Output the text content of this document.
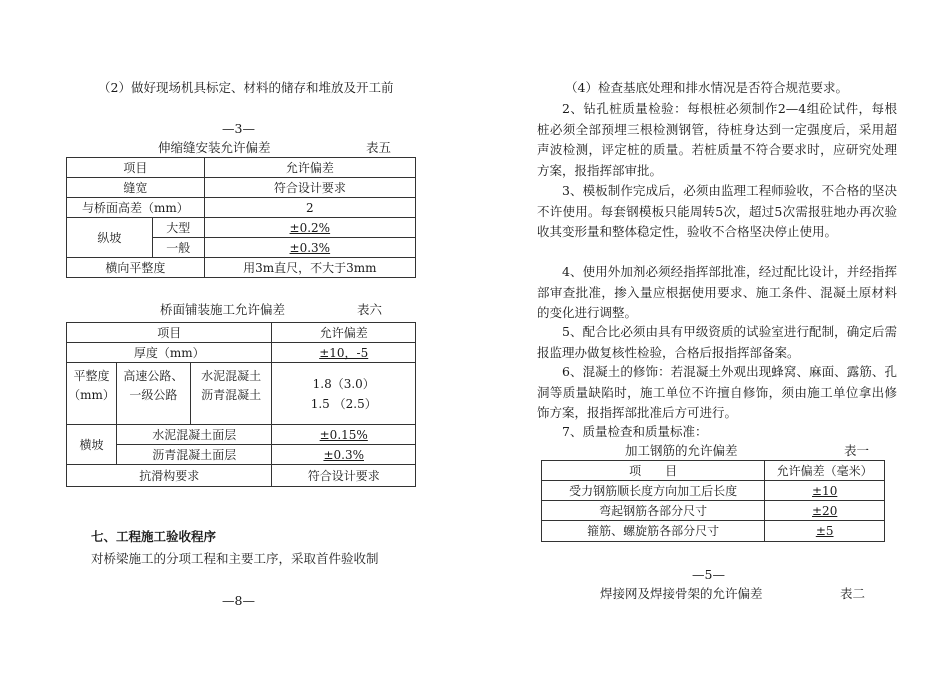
（2）做好现场机具标定、材料的储存和堆放及开工前
—3—
伸缩缝安装允许偏差	表五
项目		允许偏差
缝宽		符合设计要求
与桥面高差（mm）		2
纵坡	大型	±0.2%
	一般	±0.3%
横向平整度		用3m直尺，不大于3mm
桥面铺装施工允许偏差	表六
项目			允许偏差
厚度（mm）			±10，-5
平整度（mm）	高速公路、一级公路	水泥混凝土 沥青混凝土	1.8（3.0）
1.5 （2.5）

横坡	水泥混凝土面层		±0.15%
	沥青混凝土面层		±0.3%
抗滑构要求			符合设计要求
七、工程施工验收程序
对桥梁施工的分项工程和主要工序，采取首件验收制
—8—
（4）检查基底处理和排水情况是否符合规范要求。
2、钻孔桩质量检验：每根桩必须制作2—4组砼试件，每根桩必须全部预埋三根检测钢管，待桩身达到一定强度后，采用超声波检测，评定桩的质量。若桩质量不符合要求时，应研究处理方案，报指挥部审批。
3、模板制作完成后，必须由监理工程师验收，不合格的坚决不许使用。每套钢模板只能周转5次，超过5次需报驻地办再次验收其变形量和整体稳定性，验收不合格坚决停止使用。
4、使用外加剂必须经指挥部批准，经过配比设计，并经指挥部审查批准，掺入量应根据使用要求、施工条件、混凝土原材料的变化进行调整。
5、配合比必须由具有甲级资质的试验室进行配制，确定后需报监理办做复核性检验，合格后报指挥部备案。
6、混凝土的修饰：若混凝土外观出现蜂窝、麻面、露筋、孔洞等质量缺陷时，施工单位不许擅自修饰，须由施工单位拿出修饰方案，报指挥部批准后方可进行。
7、质量检查和质量标准：
加工钢筋的允许偏差	表一
项　　目	允许偏差（毫米）
受力钢筋顺长度方向加工后长度	±10
弯起钢筋各部分尺寸	±20
箍筋、螺旋筋各部分尺寸	±5
—5—
焊接网及焊接骨架的允许偏差	表二
